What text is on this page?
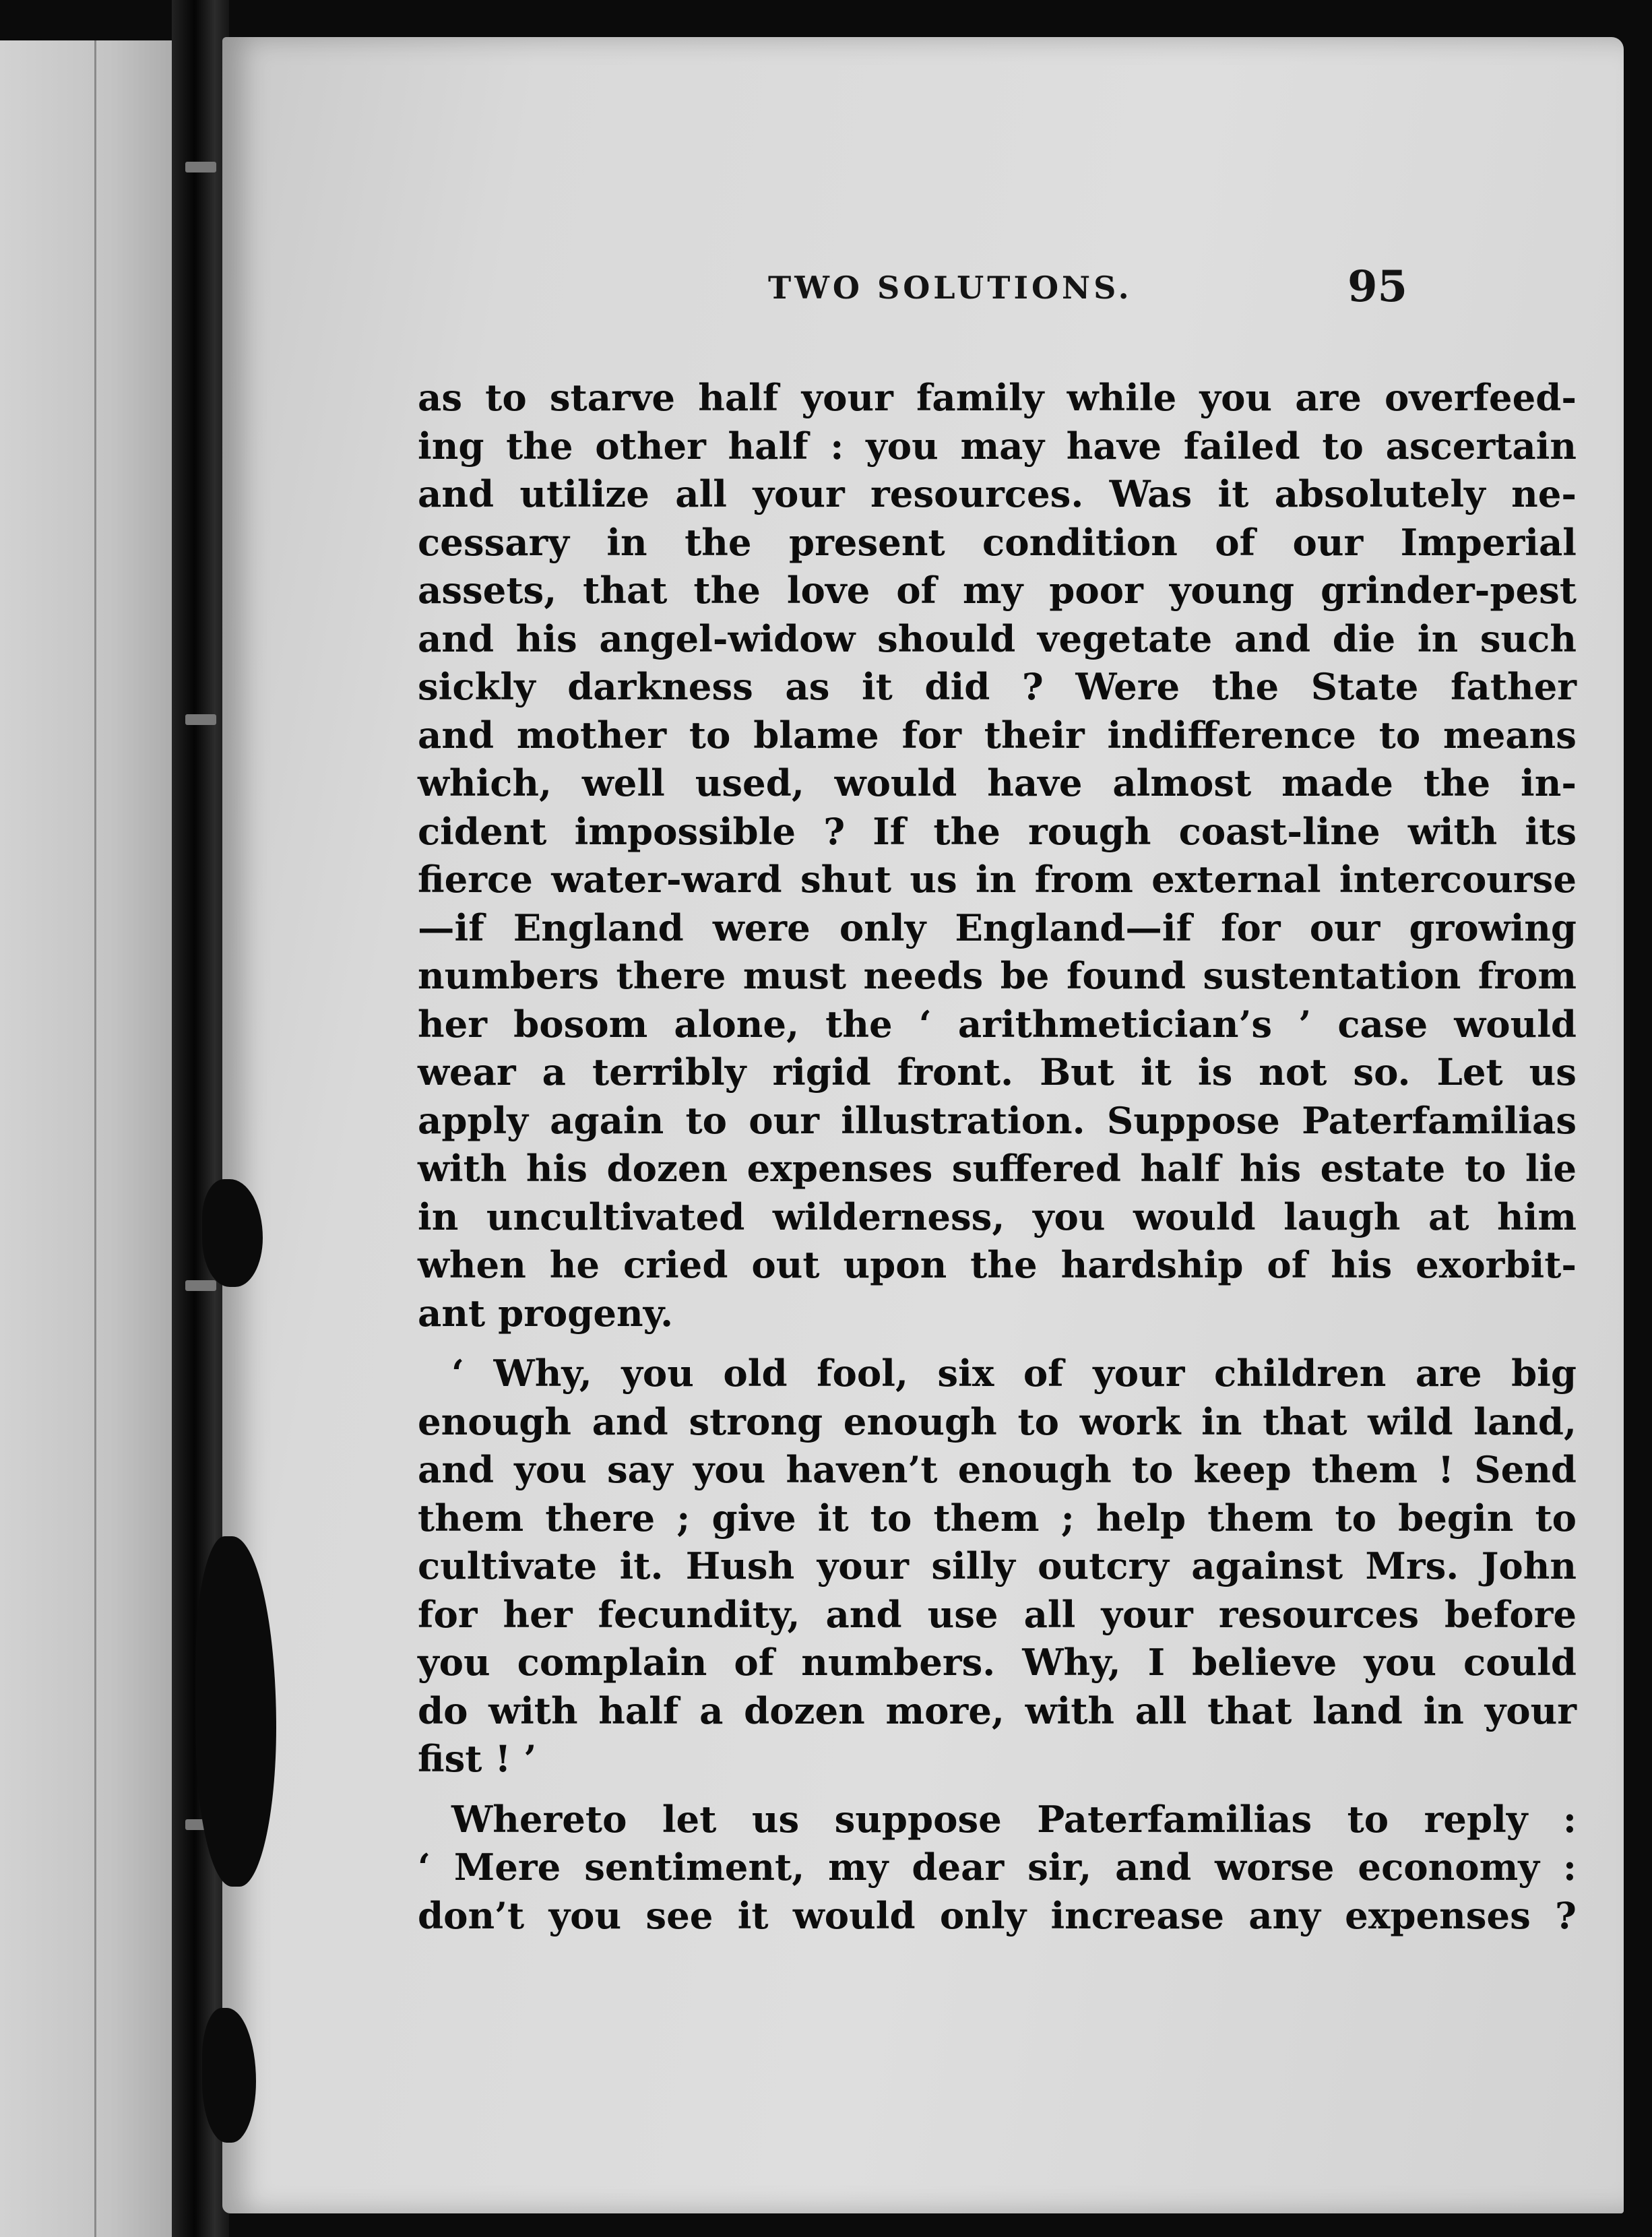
TWO SOLUTIONS.	95
as to starve half your family while you are overfeed-
ing the other half : you may have failed to ascertain
and utilize all your resources. Was it absolutely ne-
cessary in the present condition of our Imperial
assets, that the love of my poor young grinder-pest
and his angel-widow should vegetate and die in such
sickly darkness as it did ? Were the State father
and mother to blame for their indifference to means
which, well used, would have almost made the in-
cident impossible ? If the rough coast-line with its
fierce water-ward shut us in from external intercourse
—if England were only England—if for our growing
numbers there must needs be found sustentation from
her bosom alone, the ‘ arithmetician’s ’ case would
wear a terribly rigid front. But it is not so. Let us
apply again to our illustration. Suppose Paterfamilias
with his dozen expenses suffered half his estate to lie
in uncultivated wilderness, you would laugh at him
when he cried out upon the hardship of his exorbit-
ant progeny.
‘ Why, you old fool, six of your children are big
enough and strong enough to work in that wild land,
and you say you haven’t enough to keep them ! Send
them there ; give it to them ; help them to begin to
cultivate it. Hush your silly outcry against Mrs. John
for her fecundity, and use all your resources before
you complain of numbers. Why, I believe you could
do with half a dozen more, with all that land in your
fist ! ’
Whereto let us suppose Paterfamilias to reply :
‘ Mere sentiment, my dear sir, and worse economy :
don’t you see it would only increase any expenses ?
